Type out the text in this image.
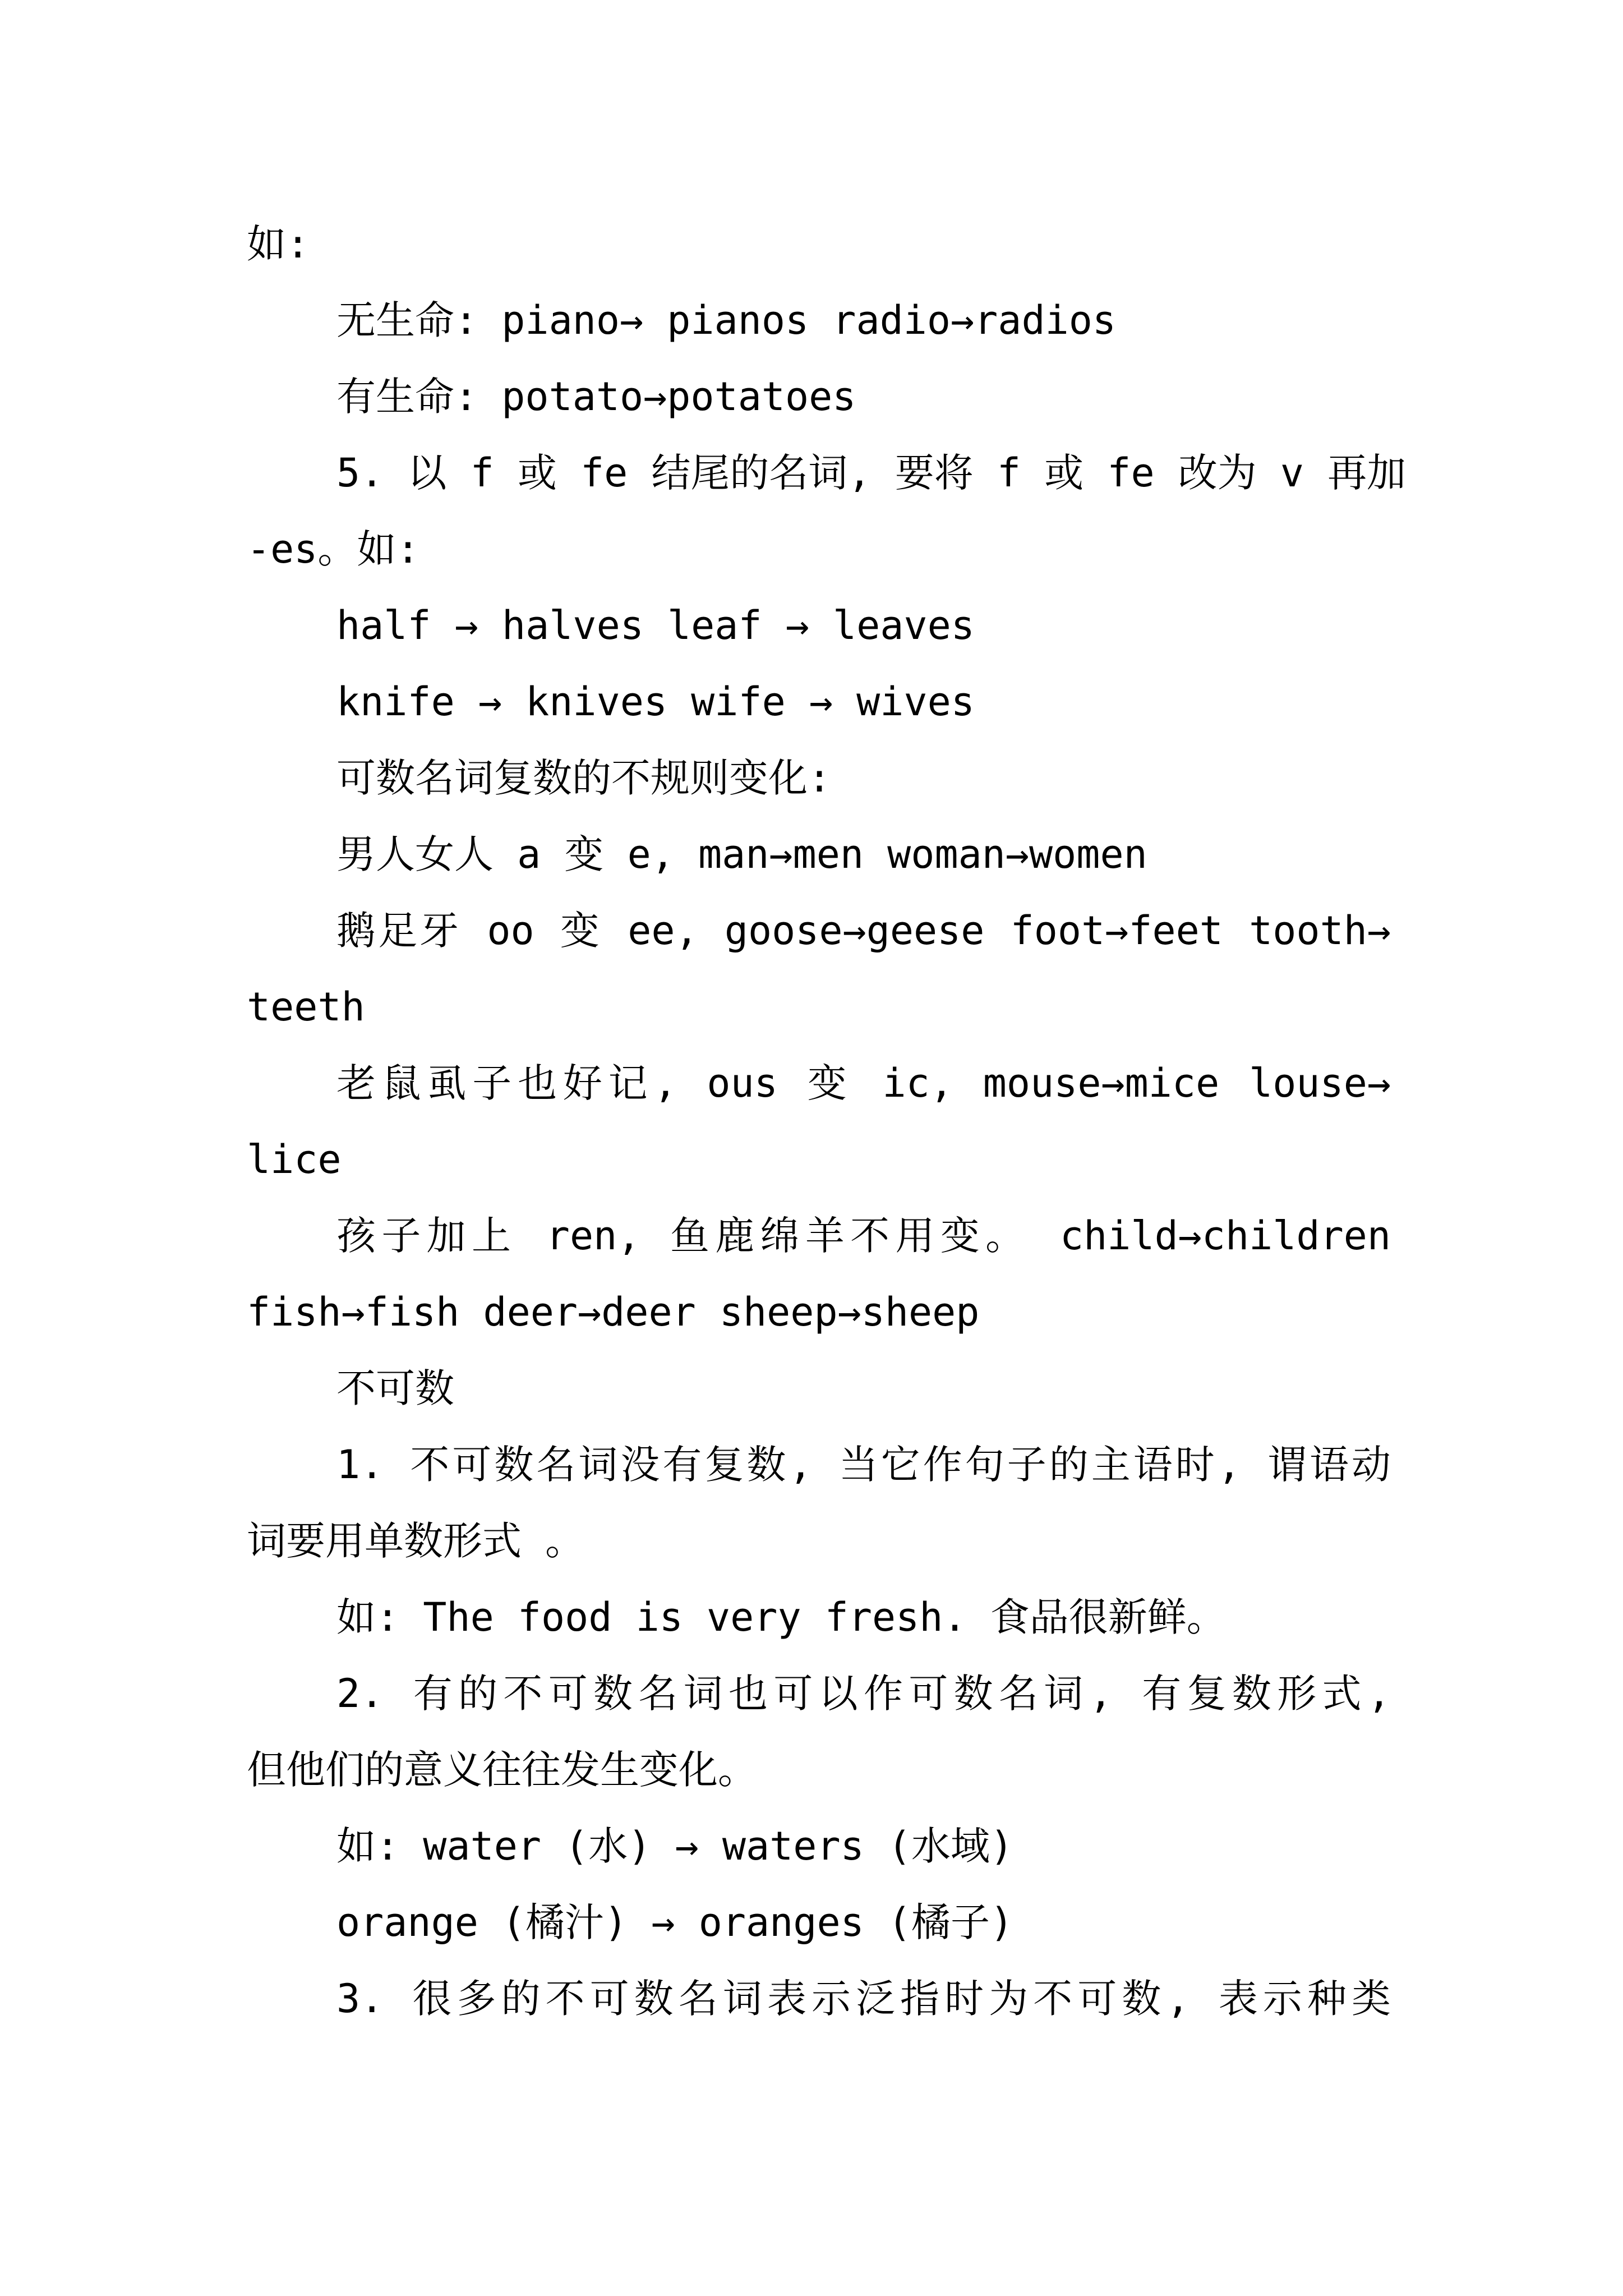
如:
无生命: piano→ pianos radio→radios
有生命: potato→potatoes
5. 以 f 或 fe 结尾的名词, 要将 f 或 fe 改为 v 再加
-es。如:
half → halves leaf → leaves
knife → knives wife → wives
可数名词复数的不规则变化:
男人女人 a 变 e, man→men woman→women
鹅足牙 oo 变 ee, goose→geese foot→feet tooth→
teeth
老鼠虱子也好记, ous 变 ic, mouse→mice louse→
lice
孩子加上 ren, 鱼鹿绵羊不用变。 child→children
fish→fish deer→deer sheep→sheep
不可数
1. 不可数名词没有复数, 当它作句子的主语时, 谓语动
词要用单数形式 。
如: The food is very fresh. 食品很新鲜。
2. 有的不可数名词也可以作可数名词, 有复数形式,
但他们的意义往往发生变化。
如: water (水) → waters (水域)
orange (橘汁) → oranges (橘子)
3. 很多的不可数名词表示泛指时为不可数, 表示种类
